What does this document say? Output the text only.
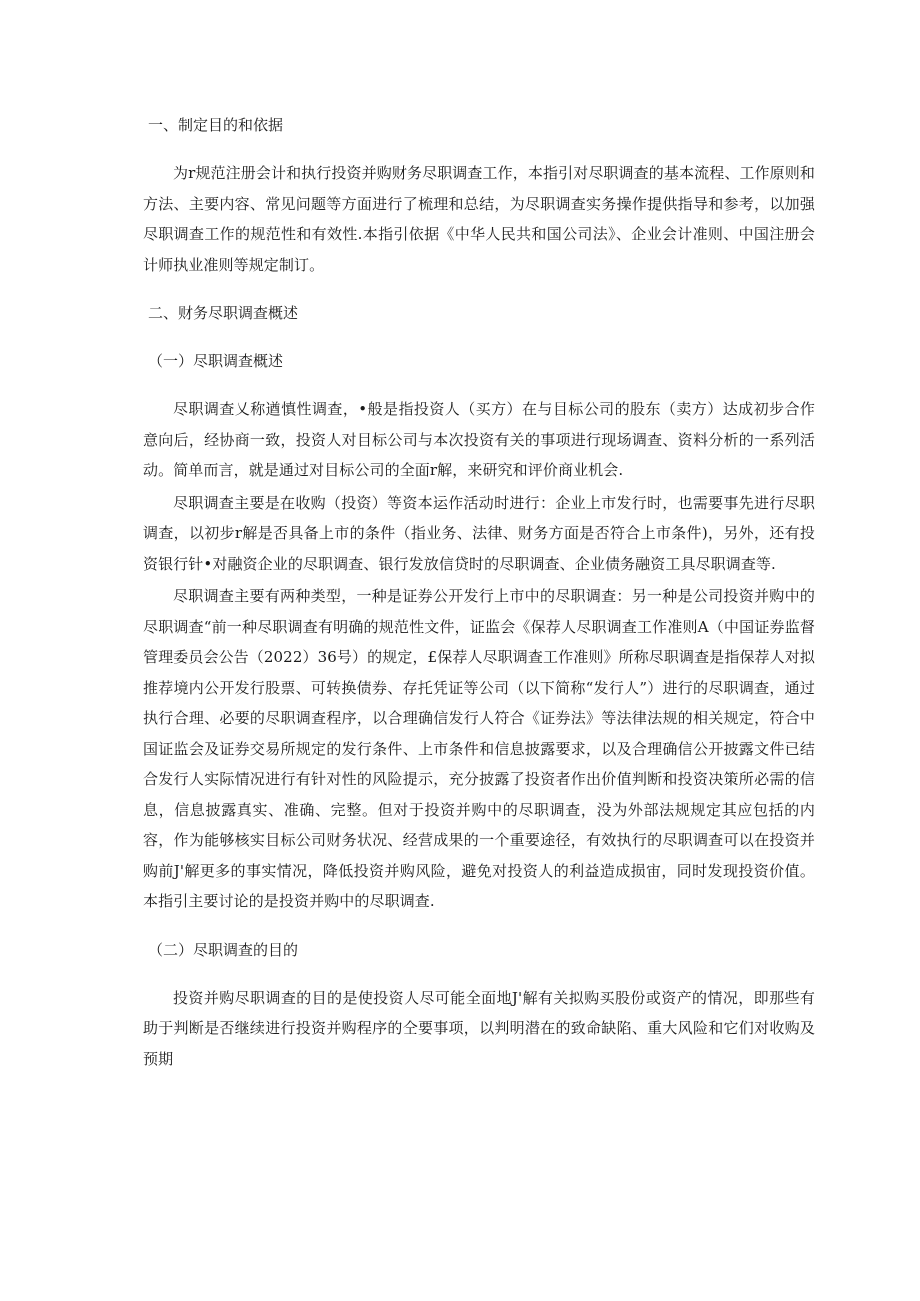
一、制定目的和依据

为r规范注册会计和执行投资并购财务尽职调查工作，本指引对尽职调查的基本流程、工作原则和方法、主要内容、常见问题等方面进行了梳理和总结，为尽职调查实务操作提供指导和参考，以加强尽职调查工作的规范性和有效性.本指引依据《中华人民共和国公司法》、企业会计准则、中国注册会计师执业准则等规定制订。

二、财务尽职调查概述

（一）尽职调查概述

尽职调查乂称遒慎性调查，•般是指投资人（买方）在与目标公司的股东（卖方）达成初步合作意向后，经协商一致，投资人对目标公司与本次投资有关的事项进行现场调查、资料分析的一系列活动。简单而言，就是通过对目标公司的全面r解，来研究和评价商业机会.

尽职调查主要是在收购（投资）等资本运作活动时进行：企业上市发行时，也需要事先进行尽职调查，以初步r解是否具备上市的条件（指业务、法律、财务方面是否符合上市条件)，另外，还有投资银行针•对融资企业的尽职调查、银行发放信贷时的尽职调查、企业债务融资工具尽职调查等.

尽职调查主要有两种类型，一种是证券公开发行上市中的尽职调查：另一种是公司投资并购中的尽职调查“前一种尽职调查有明确的规范性文件，证监会《保荐人尽职调查工作准则A（中国证券监督管理委员会公告（2022）36号）的规定，£保荐人尽职调查工作准则》所称尽职调查是指保荐人对拟推荐境内公开发行股票、可转换债券、存托凭证等公司（以下简称“发行人”）进行的尽职调查，通过执行合理、必要的尽职调查程序，以合理确信发行人符合《证券法》等法律法规的相关规定，符合中国证监会及证券交易所规定的发行条件、上市条件和信息披露要求，以及合理确信公开披露文件已结合发行人实际情况进行有针对性的风险提示，充分披露了投资者作出价值判断和投资决策所必需的信息，信息披露真实、准确、完整。但对于投资并购中的尽职调查，没为外部法规规定其应包括的内容，作为能够核实目标公司财务状况、经营成果的一个重要途径，有效执行的尽职调查可以在投资并购前J'解更多的事实情况，降低投资并购风险，避免对投资人的利益造成损宙，同时发现投资价值。本指引主要讨论的是投资并购中的尽职调查.

（二）尽职调查的目的

投资并购尽职调查的目的是使投资人尽可能全面地J'解有关拟购买股份或资产的情况，即那些有助于判断是否继续进行投资并购程序的仝要事项，以判明潜在的致命缺陷、重大风险和它们对收购及预期
